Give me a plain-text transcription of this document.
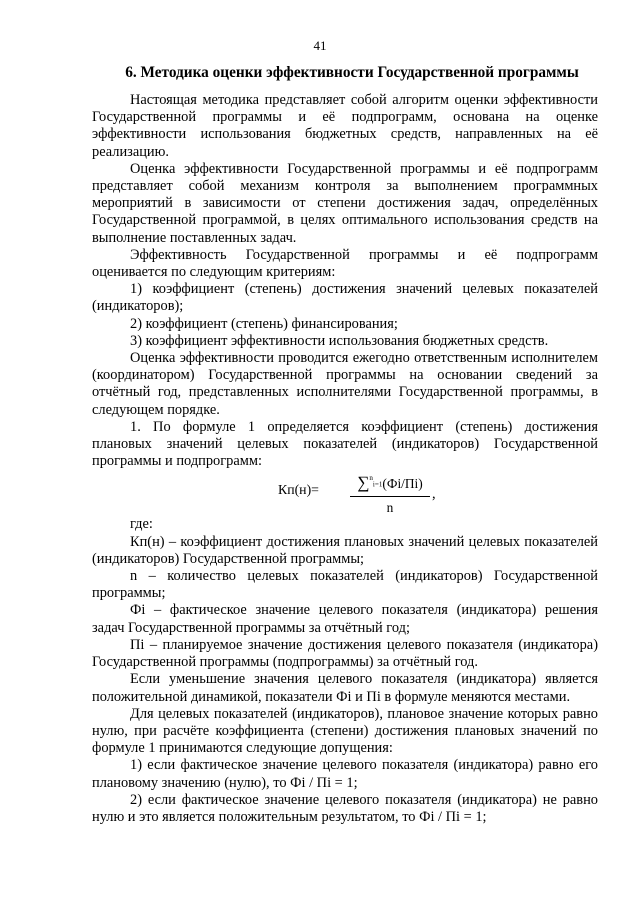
41
6. Методика оценки эффективности Государственной программы

Настоящая методика представляет собой алгоритм оценки эффективности Государственной программы и её подпрограмм, основана на оценке эффективности использования бюджетных средств, направленных на её реализацию.

Оценка эффективности Государственной программы и её подпрограмм представляет собой механизм контроля за выполнением программных мероприятий в зависимости от степени достижения задач, определённых Государственной программой, в целях оптимального использования средств на выполнение поставленных задач.

Эффективность Государственной программы и её подпрограмм оценивается по следующим критериям:

1) коэффициент (степень) достижения значений целевых показателей (индикаторов);

2) коэффициент (степень) финансирования;

3) коэффициент эффективности использования бюджетных средств.

Оценка эффективности проводится ежегодно ответственным исполнителем (координатором) Государственной программы на основании сведений за отчётный год, представленных исполнителями Государственной программы, в следующем порядке.

1. По формуле 1 определяется коэффициент (степень) достижения плановых значений целевых показателей (индикаторов) Государственной программы и подпрограмм:

Кп(н)=	∑$^{^n_{i=1}}$(Фi/Пi)
n
,

где:

Кп(н) – коэффициент достижения плановых значений целевых показателей (индикаторов) Государственной программы;

n – количество целевых показателей (индикаторов) Государственной программы;

Фi – фактическое значение целевого показателя (индикатора) решения задач Государственной программы за отчётный год;

Пi – планируемое значение достижения целевого показателя (индикатора) Государственной программы (подпрограммы) за отчётный год.

Если уменьшение значения целевого показателя (индикатора) является положительной динамикой, показатели Фi и Пi в формуле меняются местами.

Для целевых показателей (индикаторов), плановое значение которых равно нулю, при расчёте коэффициента (степени) достижения плановых значений по формуле 1 принимаются следующие допущения:

1) если фактическое значение целевого показателя (индикатора) равно его плановому значению (нулю), то Фi / Пi = 1;

2) если фактическое значение целевого показателя (индикатора) не равно нулю и это является положительным результатом, то Фi / Пi = 1;
